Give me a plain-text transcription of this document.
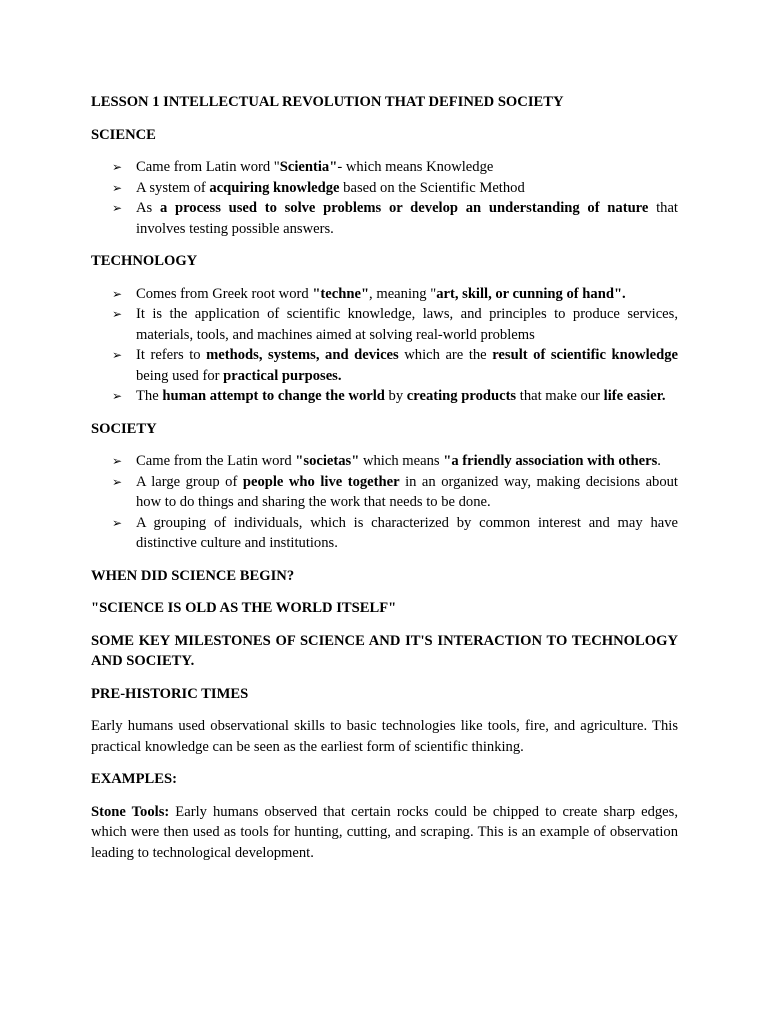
LESSON 1 INTELLECTUAL REVOLUTION THAT DEFINED SOCIETY

SCIENCE

➢ Came from Latin word "Scientia"- which means Knowledge
➢ A system of acquiring knowledge based on the Scientific Method
➢ As a process used to solve problems or develop an understanding of nature that involves testing possible answers.

TECHNOLOGY

➢ Comes from Greek root word "techne", meaning "art, skill, or cunning of hand".
➢ It is the application of scientific knowledge, laws, and principles to produce services, materials, tools, and machines aimed at solving real-world problems
➢ It refers to methods, systems, and devices which are the result of scientific knowledge being used for practical purposes.
➢ The human attempt to change the world by creating products that make our life easier.

SOCIETY

➢ Came from the Latin word "societas" which means "a friendly association with others.
➢ A large group of people who live together in an organized way, making decisions about how to do things and sharing the work that needs to be done.
➢ A grouping of individuals, which is characterized by common interest and may have distinctive culture and institutions.

WHEN DID SCIENCE BEGIN?

"SCIENCE IS OLD AS THE WORLD ITSELF"

SOME KEY MILESTONES OF SCIENCE AND IT'S INTERACTION TO TECHNOLOGY AND SOCIETY.

PRE-HISTORIC TIMES

Early humans used observational skills to basic technologies like tools, fire, and agriculture. This practical knowledge can be seen as the earliest form of scientific thinking.

EXAMPLES:

Stone Tools: Early humans observed that certain rocks could be chipped to create sharp edges, which were then used as tools for hunting, cutting, and scraping. This is an example of observation leading to technological development.
